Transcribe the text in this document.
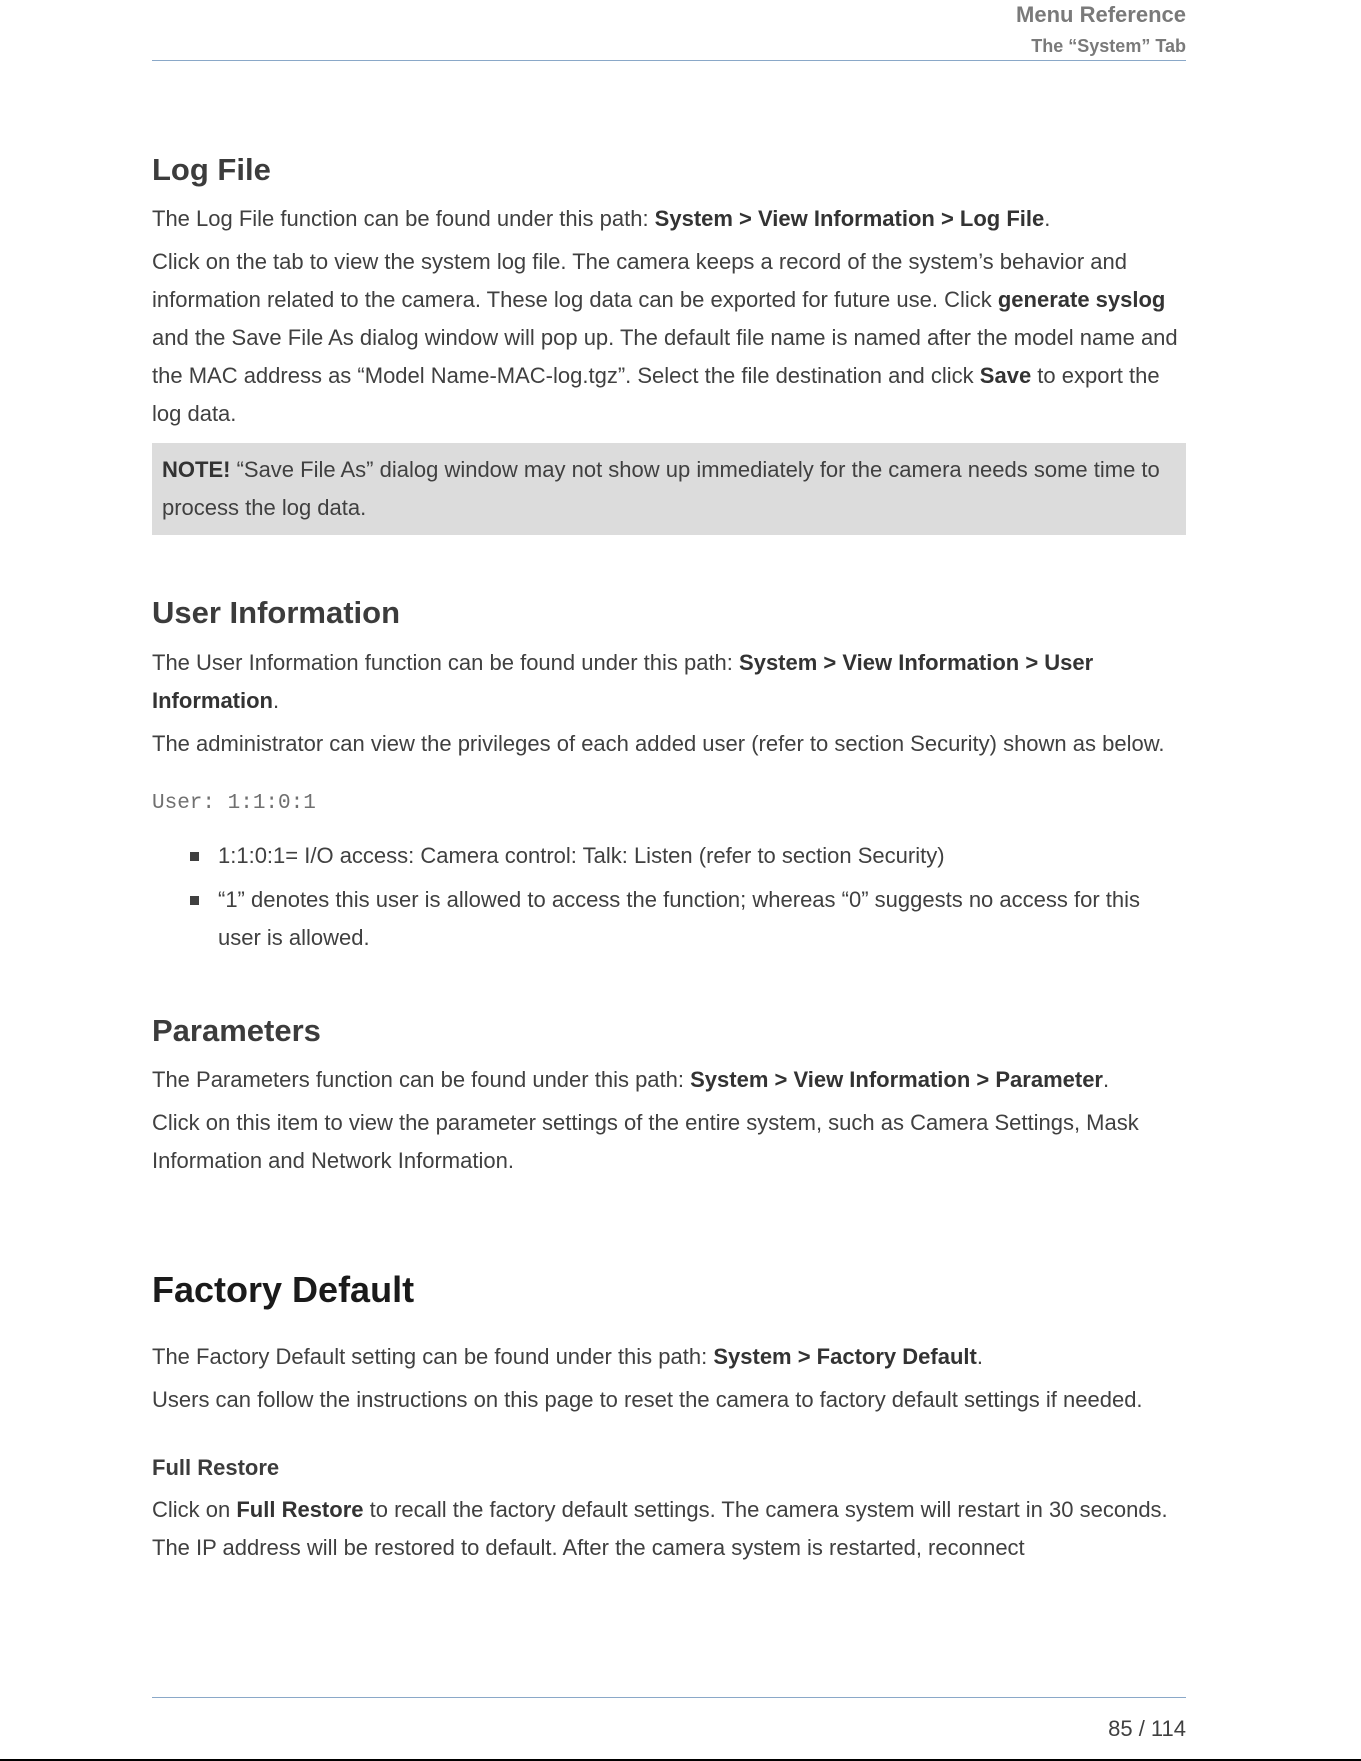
Menu Reference
The “System” Tab
Log File

The Log File function can be found under this path: System > View Information > Log File.

Click on the tab to view the system log file. The camera keeps a record of the system’s behavior and information related to the camera. These log data can be exported for future use. Click generate syslog and the Save File As dialog window will pop up. The default file name is named after the model name and the MAC address as “Model Name-MAC-log.tgz”. Select the file destination and click Save to export the log data.

NOTE! “Save File As” dialog window may not show up immediately for the camera needs some time to process the log data.
User Information

The User Information function can be found under this path: System > View Information > User Information.

The administrator can view the privileges of each added user (refer to section Security) shown as below.

User: 1:1:0:1
1:1:0:1= I/O access: Camera control: Talk: Listen (refer to section Security)
“1” denotes this user is allowed to access the function; whereas “0” suggests no access for this user is allowed.
Parameters

The Parameters function can be found under this path: System > View Information > Parameter.

Click on this item to view the parameter settings of the entire system, such as Camera Settings, Mask Information and Network Information.

Factory Default

The Factory Default setting can be found under this path: System > Factory Default.

Users can follow the instructions on this page to reset the camera to factory default settings if needed.

Full Restore

Click on Full Restore to recall the factory default settings. The camera system will restart in 30 seconds. The IP address will be restored to default. After the camera system is restarted, reconnect

85 / 114
